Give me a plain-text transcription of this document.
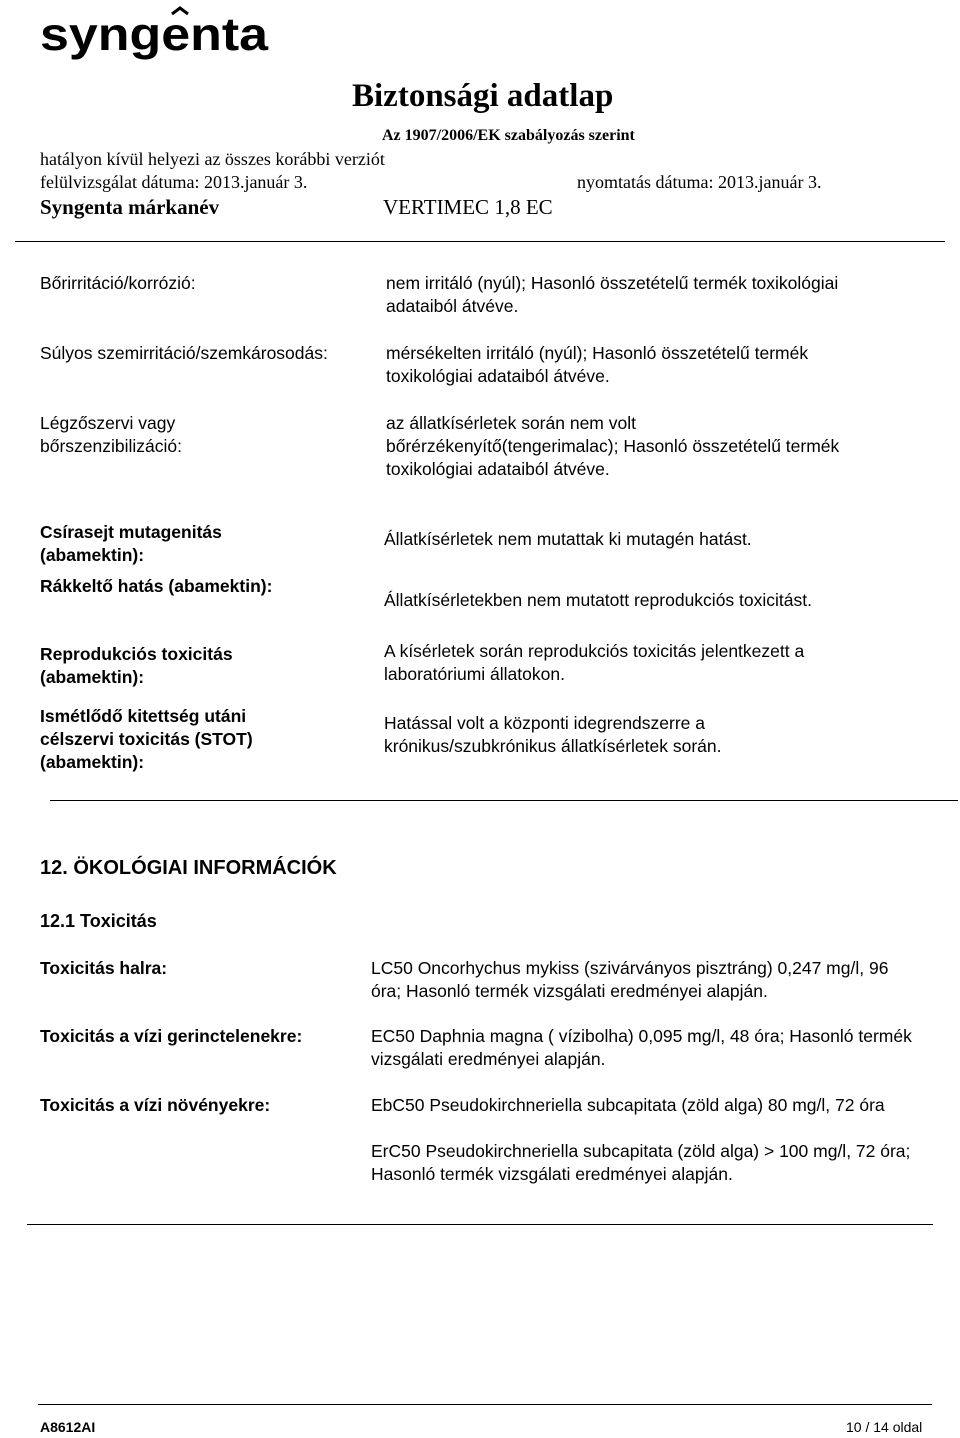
syngenta
Biztonsági adatlap
Az 1907/2006/EK szabályozás szerint
hatályon kívül helyezi az összes korábbi verziót
felülvizsgálat dátuma: 2013.január 3.	nyomtatás dátuma: 2013.január 3.
Syngenta márkanév	VERTIMEC 1,8 EC
Bőrirritáció/korrózió:	nem irritáló (nyúl); Hasonló összetételű termék toxikológiai adataiból átvéve.
Súlyos szemirritáció/szemkárosodás:	mérsékelten irritáló (nyúl); Hasonló összetételű termék toxikológiai adataiból átvéve.
Légzőszervi vagy bőrszenzibilizáció:
az állatkísérletek során nem volt bőrérzékenyítő(tengerimalac); Hasonló összetételű termék toxikológiai adataiból átvéve.
Csírasejt mutagenitás (abamektin):
Állatkísérletek nem mutattak ki mutagén hatást.
Rákkeltő hatás (abamektin):
Állatkísérletekben nem mutatott reprodukciós toxicitást.
Reprodukciós toxicitás (abamektin):
A kísérletek során reprodukciós toxicitás jelentkezett a laboratóriumi állatokon.
Ismétlődő kitettség utáni célszervi toxicitás (STOT) (abamektin):
Hatással volt a központi idegrendszerre a krónikus/szubkrónikus állatkísérletek során.
12. ÖKOLÓGIAI INFORMÁCIÓK
12.1 Toxicitás
Toxicitás halra:	LC50 Oncorhychus mykiss (szivárványos pisztráng) 0,247 mg/l, 96 óra; Hasonló termék vizsgálati eredményei alapján.
Toxicitás a vízi gerinctelenekre:	EC50 Daphnia magna ( vízibolha) 0,095 mg/l, 48 óra; Hasonló termék vizsgálati eredményei alapján.
Toxicitás a vízi növényekre:	EbC50 Pseudokirchneriella subcapitata (zöld alga) 80 mg/l, 72 óra
ErC50 Pseudokirchneriella subcapitata (zöld alga) > 100 mg/l, 72 óra; Hasonló termék vizsgálati eredményei alapján.
A8612AI	10 / 14 oldal
